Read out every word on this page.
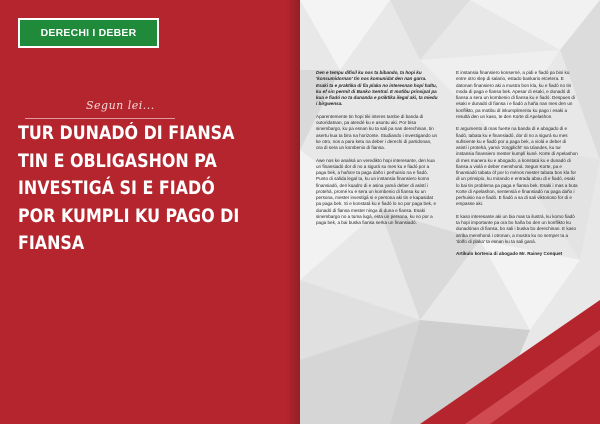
DERECHI I DEBER
Segun lei...
TUR DUNADÓ DI FIANSA
TIN E OBLIGASHON PA
INVESTIGÁ SI E FIADÓ
POR KUMPLI KU PAGO DI
FIANSA

Den e tempu difisil ku nos ta bibando, ta hopi ku 'konsumidornan' tin nos komunidat den nan garra. Esaki ta e praktika di fia plaka no interesnan hopi haltu, ku ef sin permit di Banko Sentral. E motibu prinsipal pa kua e fiadó no ta dunanda e práktika ilegal aki, ta miedu i birgwensa.

Aparentemente tin hopi tiki interes tambe di banda di outoridatnan, pa atendé ku e asuntu aki. Por bisa sinembargo, ku pa esnan ku ta sali pa nan derechinan, tin asertu kua ta bira na horizonte. Studiando i investigando un ke otro, nos a para ketu na deber i derechi di partidonan, ora di sera un kombenio di fiansa.

Awe nos ke analisá un veredikto hopi interesante, den kua un finansiadó dor di no a sigurá su mes ku e fiadó por a paga bek, a haña'e ta paga daño i perhuisio na e fiadó. Punto di salida legal ta, ku un instansia finansiero komo finansiadó, den kuadro di e asina yamá deber di asistí i protehá, promé ku e sera un kombenio di fiansa ku un persona, mester investigá si e persona aki tin e kapasidat pa paga bek. Si e konstatá ku e fiadó lo no por paga bek, e dunadó di fiansa mester ninga di duna e fiansa. Esaki sinembargo no a tuma lugá, esta un persona, ku no por a paga bek, a bai buska fiansa serka un finansiadó.

E instansia finansiero konserné, a pidi e fiadó pa bini ku entre otro slep di salario, estado bankario etcetera. E datonan finansiero aki a mustra bon kla, ku e fiadó no tin moda di paga e fiansa bek. Apesar di esaki, e dunadó di fiansa a sera un kombenio di fiansa ku e fiadó. Despues di esaki e dunadó di fiansa i e fiadó a haña nan mes den un konflikto, pa motibu di inkumplimentu ku pago i esaki a resultá den un kaso, te den Korte di Apelashon.

E argumento di mas fuerte na banda di e abogado di e fiadó, tabata ku e finansiadó, dor di no a sigurá su mes sufisiente ku e fiadó por a paga bek, a violá e deber di asistí i protehá, yamá 'zorgplicht' na Ulandes, ku tur instansia finansiero mester kumplí kuné. Korte di Apelashon di mes manera ku e abogado, a konstatá ku e dunadó di fiansa a violá e deber menshoná. Segun Korte, pa e finansiadó tabata óf por lo ménos mester tabata bon kla for di un prinsipio, ku mirando e entrada abou di e fiadó, esaki lo bai tin problema pa paga e fiansa bek. Esaki i mas a buta Korte di Apelashon, sentensiá e finansiadó na paga daño i perhuisio na e fiadó. E fiadó a sa di sali viktorioso for di e empasse aki.

E kaso interesante aki un bia mas ta ilustrá, ku komo fiadó ta hopi importante pa ora bo haña bo den un konflikto ku dunadónan di fiansa, bo sali i buska bo derechinan. E kaso arriba menshoná i otronan, a mustra ku no semper ta a 'dolfo di plaka' ta esnan ku ta sali ganá.

Artíkulo kortesia di abogado Mr. Rainey Conquet
